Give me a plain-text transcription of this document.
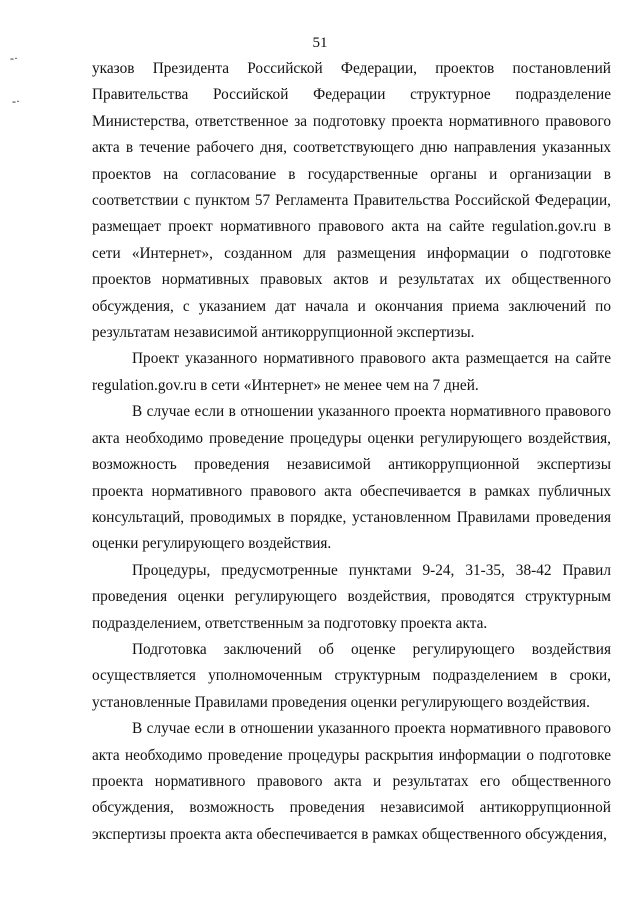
51
-·
-·

указов Президента Российской Федерации, проектов постановлений Правительства Российской Федерации структурное подразделение Министерства, ответственное за подготовку проекта нормативного правового акта в течение рабочего дня, соответствующего дню направления указанных проектов на согласование в государственные органы и организации в соответствии с пунктом 57 Регламента Правительства Российской Федерации, размещает проект нормативного правового акта на сайте regulation.gov.ru в сети «Интернет», созданном для размещения информации о подготовке проектов нормативных правовых актов и результатах их общественного обсуждения, с указанием дат начала и окончания приема заключений по результатам независимой антикоррупционной экспертизы.

Проект указанного нормативного правового акта размещается на сайте regulation.gov.ru в сети «Интернет» не менее чем на 7 дней.

В случае если в отношении указанного проекта нормативного правового акта необходимо проведение процедуры оценки регулирующего воздействия, возможность проведения независимой антикоррупционной экспертизы проекта нормативного правового акта обеспечивается в рамках публичных консультаций, проводимых в порядке, установленном Правилами проведения оценки регулирующего воздействия.

Процедуры, предусмотренные пунктами 9-24, 31-35, 38-42 Правил проведения оценки регулирующего воздействия, проводятся структурным подразделением, ответственным за подготовку проекта акта.

Подготовка заключений об оценке регулирующего воздействия осуществляется уполномоченным структурным подразделением в сроки, установленные Правилами проведения оценки регулирующего воздействия.

В случае если в отношении указанного проекта нормативного правового акта необходимо проведение процедуры раскрытия информации о подготовке проекта нормативного правового акта и результатах его общественного обсуждения, возможность проведения независимой антикоррупционной экспертизы проекта акта обеспечивается в рамках общественного обсуждения,
